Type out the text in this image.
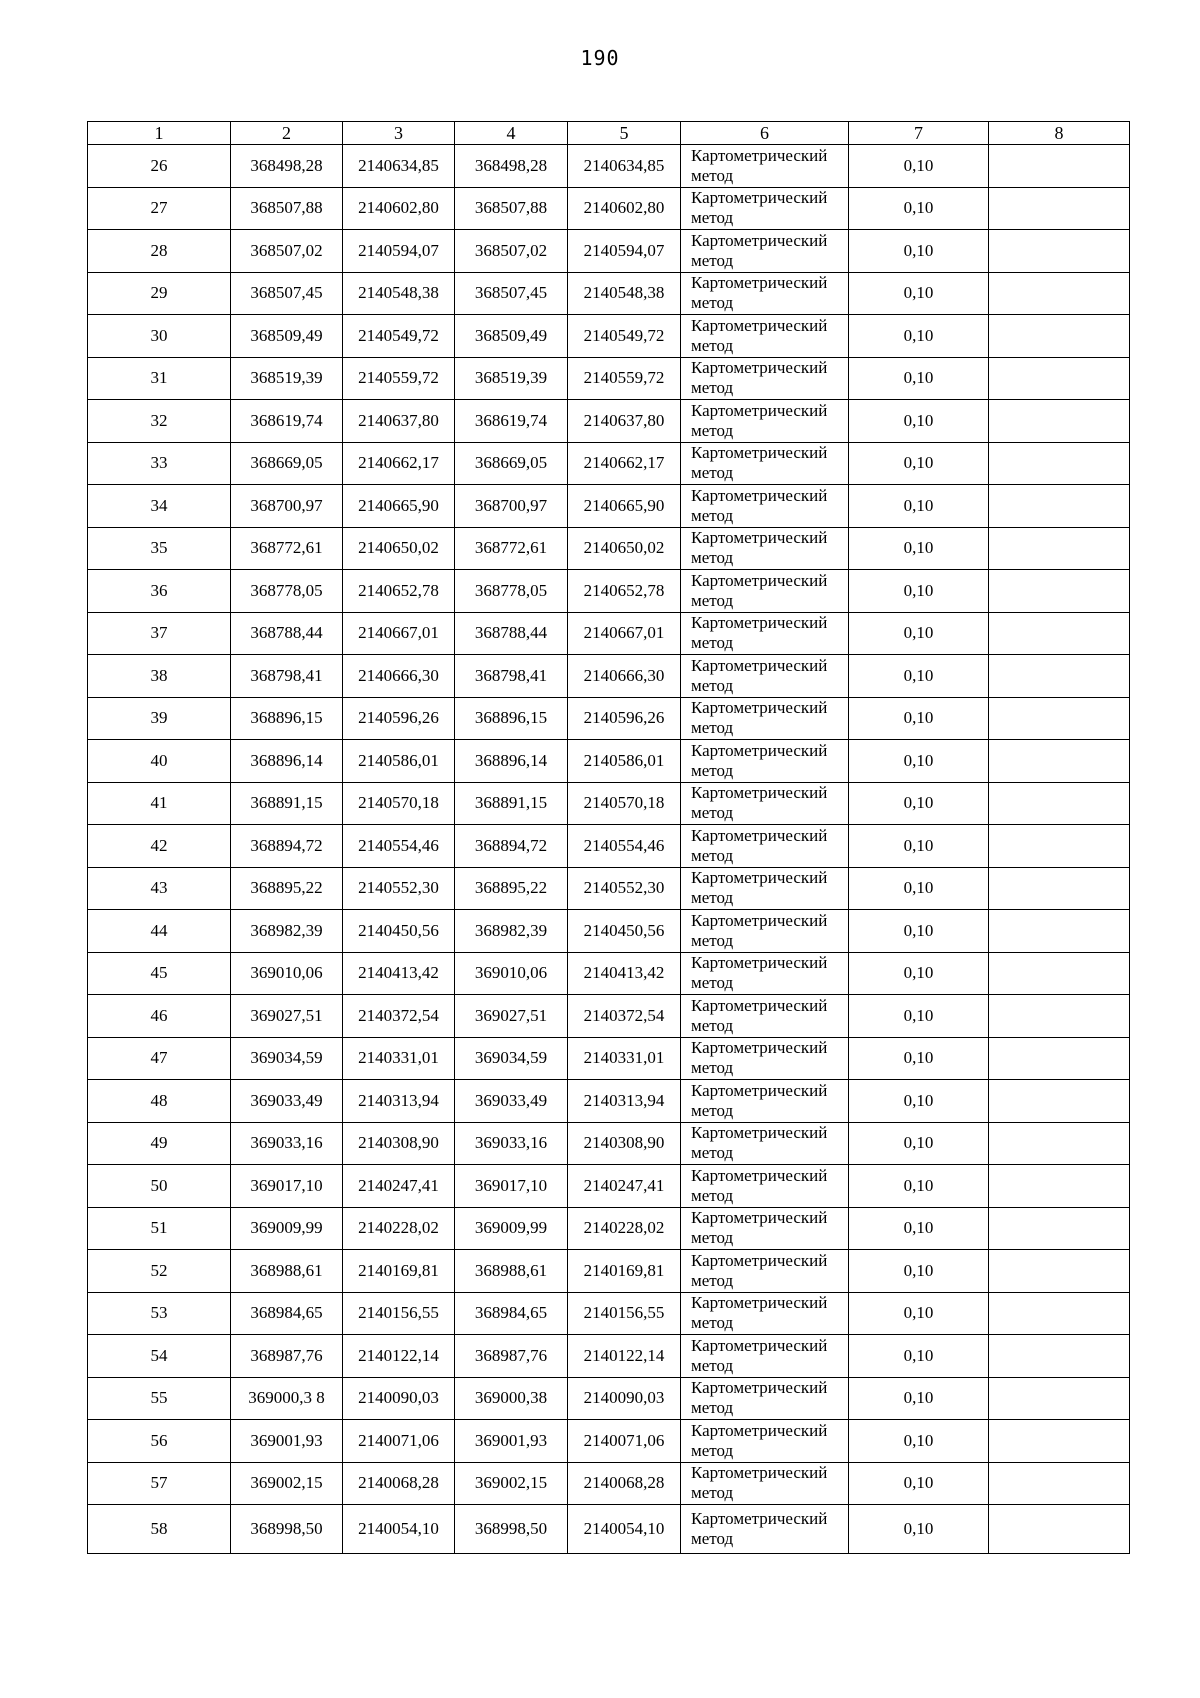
190
1	2	3	4	5	6	7	8
26	368498,28	2140634,85	368498,28	2140634,85	Картометрический
метод	0,10	
27	368507,88	2140602,80	368507,88	2140602,80	Картометрический
метод	0,10	
28	368507,02	2140594,07	368507,02	2140594,07	Картометрический
метод	0,10	
29	368507,45	2140548,38	368507,45	2140548,38	Картометрический
метод	0,10	
30	368509,49	2140549,72	368509,49	2140549,72	Картометрический
метод	0,10	
31	368519,39	2140559,72	368519,39	2140559,72	Картометрический
метод	0,10	
32	368619,74	2140637,80	368619,74	2140637,80	Картометрический
метод	0,10	
33	368669,05	2140662,17	368669,05	2140662,17	Картометрический
метод	0,10	
34	368700,97	2140665,90	368700,97	2140665,90	Картометрический
метод	0,10	
35	368772,61	2140650,02	368772,61	2140650,02	Картометрический
метод	0,10	
36	368778,05	2140652,78	368778,05	2140652,78	Картометрический
метод	0,10	
37	368788,44	2140667,01	368788,44	2140667,01	Картометрический
метод	0,10	
38	368798,41	2140666,30	368798,41	2140666,30	Картометрический
метод	0,10	
39	368896,15	2140596,26	368896,15	2140596,26	Картометрический
метод	0,10	
40	368896,14	2140586,01	368896,14	2140586,01	Картометрический
метод	0,10	
41	368891,15	2140570,18	368891,15	2140570,18	Картометрический
метод	0,10	
42	368894,72	2140554,46	368894,72	2140554,46	Картометрический
метод	0,10	
43	368895,22	2140552,30	368895,22	2140552,30	Картометрический
метод	0,10	
44	368982,39	2140450,56	368982,39	2140450,56	Картометрический
метод	0,10	
45	369010,06	2140413,42	369010,06	2140413,42	Картометрический
метод	0,10	
46	369027,51	2140372,54	369027,51	2140372,54	Картометрический
метод	0,10	
47	369034,59	2140331,01	369034,59	2140331,01	Картометрический
метод	0,10	
48	369033,49	2140313,94	369033,49	2140313,94	Картометрический
метод	0,10	
49	369033,16	2140308,90	369033,16	2140308,90	Картометрический
метод	0,10	
50	369017,10	2140247,41	369017,10	2140247,41	Картометрический
метод	0,10	
51	369009,99	2140228,02	369009,99	2140228,02	Картометрический
метод	0,10	
52	368988,61	2140169,81	368988,61	2140169,81	Картометрический
метод	0,10	
53	368984,65	2140156,55	368984,65	2140156,55	Картометрический
метод	0,10	
54	368987,76	2140122,14	368987,76	2140122,14	Картометрический
метод	0,10	
55	369000,3 8	2140090,03	369000,38	2140090,03	Картометрический
метод	0,10	
56	369001,93	2140071,06	369001,93	2140071,06	Картометрический
метод	0,10	
57	369002,15	2140068,28	369002,15	2140068,28	Картометрический
метод	0,10	
58	368998,50	2140054,10	368998,50	2140054,10	Картометрический
метод	0,10	
